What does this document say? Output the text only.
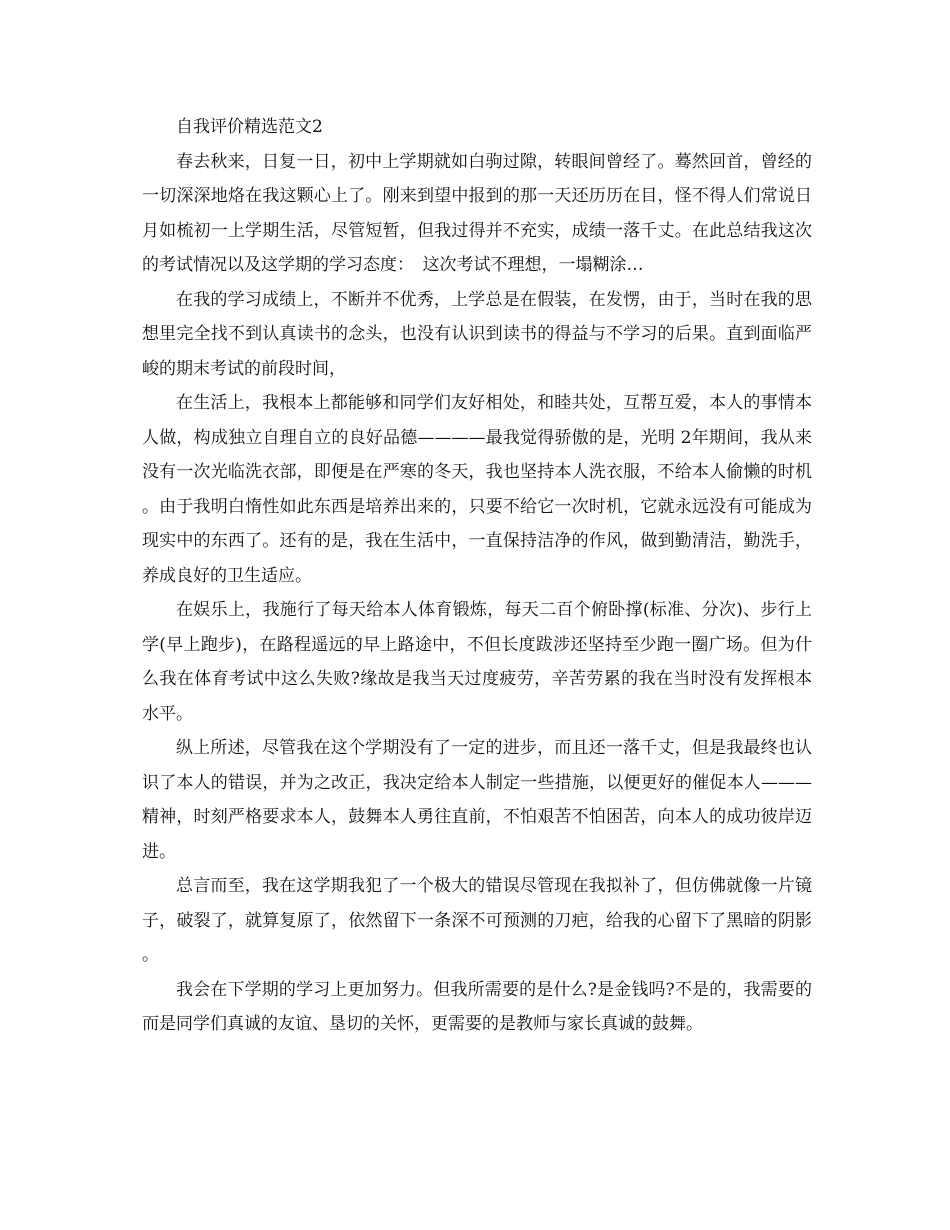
自我评价精选范文2

春去秋来，日复一日，初中上学期就如白驹过隙，转眼间曾经了。蓦然回首，曾经的一切深深地烙在我这颗心上了。刚来到望中报到的那一天还历历在目，怪不得人们常说日月如梳初一上学期生活，尽管短暂，但我过得并不充实，成绩一落千丈。在此总结我这次的考试情况以及这学期的学习态度：　这次考试不理想，一塌糊涂…

在我的学习成绩上，不断并不优秀，上学总是在假装，在发愣，由于，当时在我的思想里完全找不到认真读书的念头，也没有认识到读书的得益与不学习的后果。直到面临严峻的期末考试的前段时间，

在生活上，我根本上都能够和同学们友好相处，和睦共处，互帮互爱，本人的事情本人做，构成独立自理自立的良好品德————最我觉得骄傲的是，光明 2年期间，我从来没有一次光临洗衣部，即便是在严寒的冬天，我也坚持本人洗衣服，不给本人偷懒的时机。由于我明白惰性如此东西是培养出来的，只要不给它一次时机，它就永远没有可能成为现实中的东西了。还有的是，我在生活中，一直保持洁净的作风，做到勤清洁，勤洗手，养成良好的卫生适应。

在娱乐上，我施行了每天给本人体育锻炼，每天二百个俯卧撑(标准、分次)、步行上学(早上跑步)，在路程遥远的早上路途中，不但长度跋涉还坚持至少跑一圈广场。但为什么我在体育考试中这么失败?缘故是我当天过度疲劳，辛苦劳累的我在当时没有发挥根本水平。

纵上所述，尽管我在这个学期没有了一定的进步，而且还一落千丈，但是我最终也认识了本人的错误，并为之改正，我决定给本人制定一些措施，以便更好的催促本人———精神，时刻严格要求本人，鼓舞本人勇往直前，不怕艰苦不怕困苦，向本人的成功彼岸迈进。

总言而至，我在这学期我犯了一个极大的错误尽管现在我拟补了，但仿佛就像一片镜子，破裂了，就算复原了，依然留下一条深不可预测的刀疤，给我的心留下了黑暗的阴影。

我会在下学期的学习上更加努力。但我所需要的是什么?是金钱吗?不是的，我需要的而是同学们真诚的友谊、垦切的关怀，更需要的是教师与家长真诚的鼓舞。
